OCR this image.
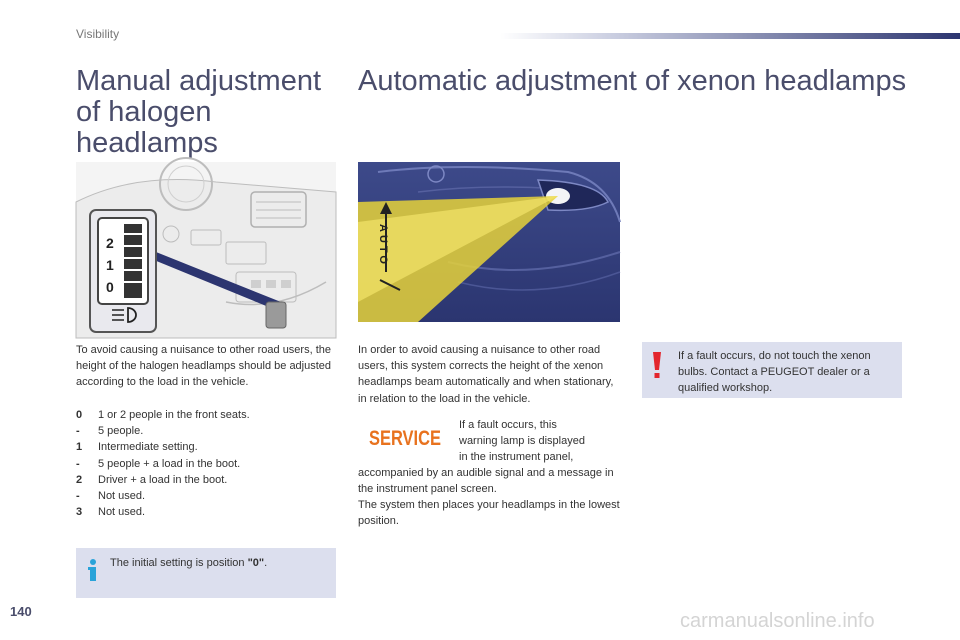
Visibility
Manual adjustment of halogen headlamps
Automatic adjustment of xenon headlamps
2
1
0
AUTO
To avoid causing a nuisance to other road users, the height of the halogen headlamps should be adjusted according to the load in the vehicle.
0	1 or 2 people in the front seats.
-	5 people.
1	Intermediate setting.
-	5 people + a load in the boot.
2	Driver + a load in the boot.
-	Not used.
3	Not used.
The initial setting is position "0".
In order to avoid causing a nuisance to other road users, this system corrects the height of the xenon headlamps beam automatically and when stationary, in relation to the load in the vehicle.
SERVICE
If a fault occurs, this
warning lamp is displayed
in the instrument panel,
accompanied by an audible signal and a message in the instrument panel screen.
The system then places your headlamps in the lowest position.
If a fault occurs, do not touch the xenon bulbs. Contact a PEUGEOT dealer or a qualified workshop.
140	carmanualsonline.info
